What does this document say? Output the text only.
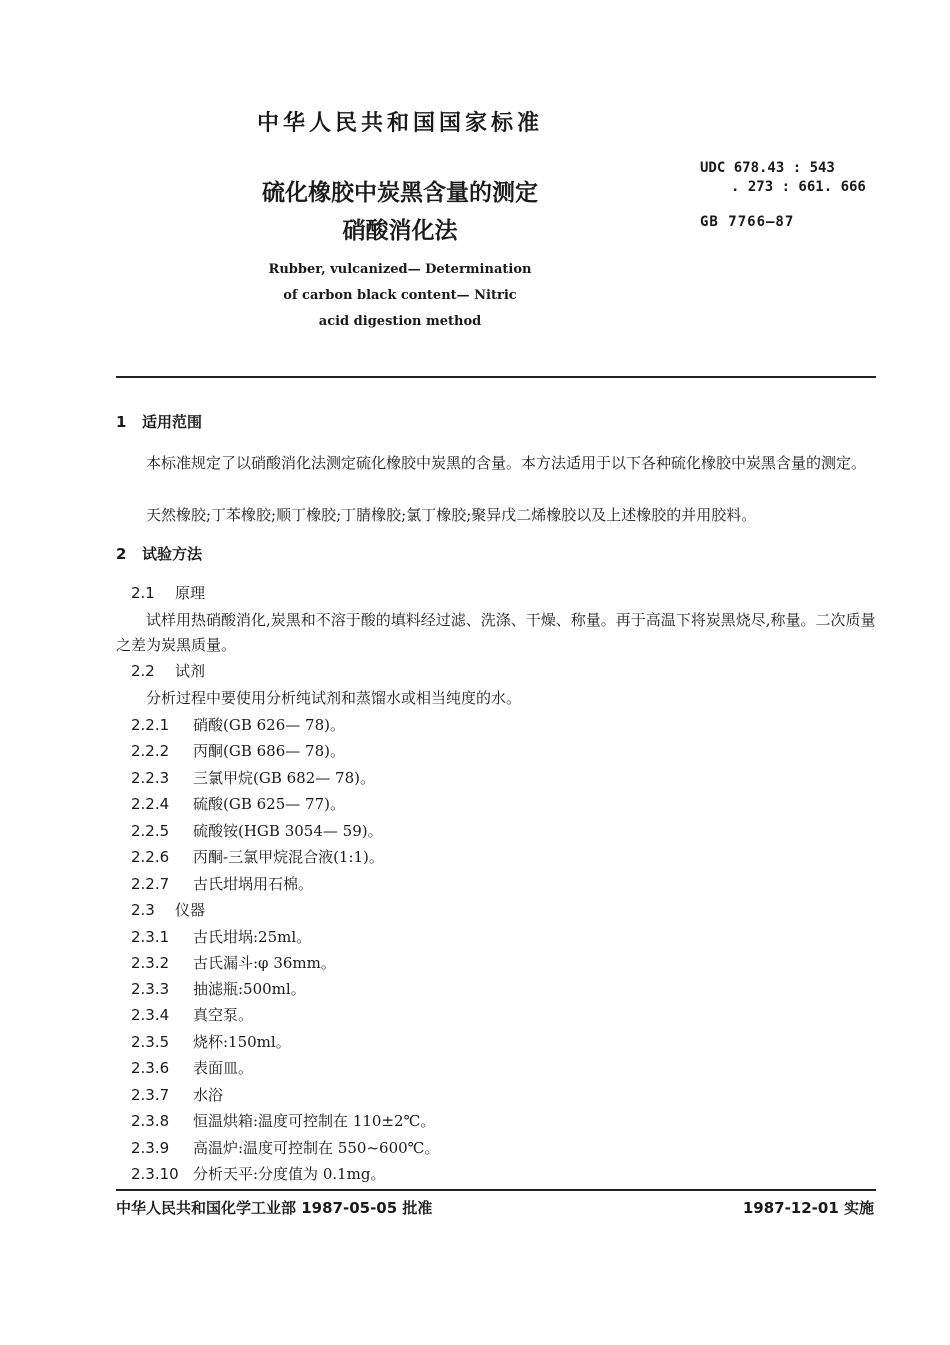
中华人民共和国国家标准
硫化橡胶中炭黑含量的测定
硝酸消化法
UDC 678.43 : 543
. 273 : 661. 666
GB 7766—87
Rubber, vulcanized— Determination
of carbon black content— Nitric
acid digestion method
1 适用范围
本标准规定了以硝酸消化法测定硫化橡胶中炭黑的含量。本方法适用于以下各种硫化橡胶中炭黑含量的测定。
天然橡胶;丁苯橡胶;顺丁橡胶;丁腈橡胶;氯丁橡胶;聚异戊二烯橡胶以及上述橡胶的并用胶料。
2 试验方法
2.1 原理
试样用热硝酸消化,炭黑和不溶于酸的填料经过滤、洗涤、干燥、称量。再于高温下将炭黑烧尽,称量。二次质量之差为炭黑质量。
2.2 试剂
分析过程中要使用分析纯试剂和蒸馏水或相当纯度的水。
2.2.1 硝酸(GB 626— 78)。
2.2.2 丙酮(GB 686— 78)。
2.2.3 三氯甲烷(GB 682— 78)。
2.2.4 硫酸(GB 625— 77)。
2.2.5 硫酸铵(HGB 3054— 59)。
2.2.6 丙酮-三氯甲烷混合液(1:1)。
2.2.7 古氏坩埚用石棉。
2.3 仪器
2.3.1 古氏坩埚:25ml。
2.3.2 古氏漏斗:φ 36mm。
2.3.3 抽滤瓶:500ml。
2.3.4 真空泵。
2.3.5 烧杯:150ml。
2.3.6 表面皿。
2.3.7 水浴
2.3.8 恒温烘箱:温度可控制在 110±2℃。
2.3.9 高温炉:温度可控制在 550~600℃。
2.3.10 分析天平:分度值为 0.1mg。
中华人民共和国化学工业部 1987-05-05 批准	1987-12-01 实施
